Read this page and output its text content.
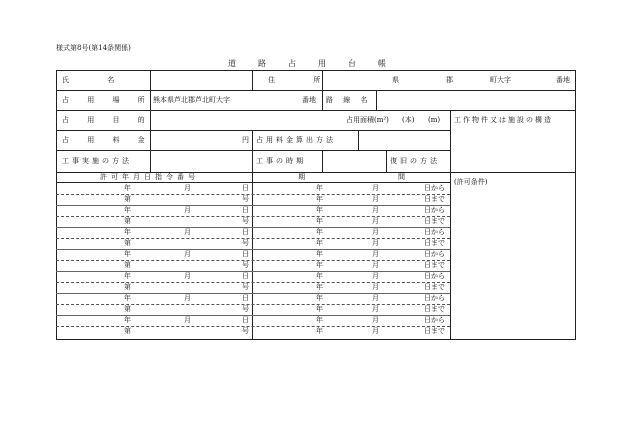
様式第8号(第14条関係)
道	路	占	用	台	帳
氏 名	住 所	県	郡	町大字	番地
占 用 場 所 熊本県芦北郡芦北町大字	番地 路 線 名
占 用 目 的	占用面積(m²) (本) (m) 工作物件又は施設の構造
占 用 料 金	円 占用料金算出方法
工事実施の方法	工事の時期	復旧の方法
許可年月日指令番号	期	間
(許可条件)
年	月	日	年	月	日から
第	号	年	月	日まで
年	月	日	年	月	日から
第	号	年	月	日まで
年	月	日	年	月	日から
第	号	年	月	日まで
年	月	日	年	月	日から
第	号	年	月	日まで
年	月	日	年	月	日から
第	号	年	月	日まで
年	月	日	年	月	日から
第	号	年	月	日まで
年	月	日	年	月	日から
第	号	年	月	日まで
